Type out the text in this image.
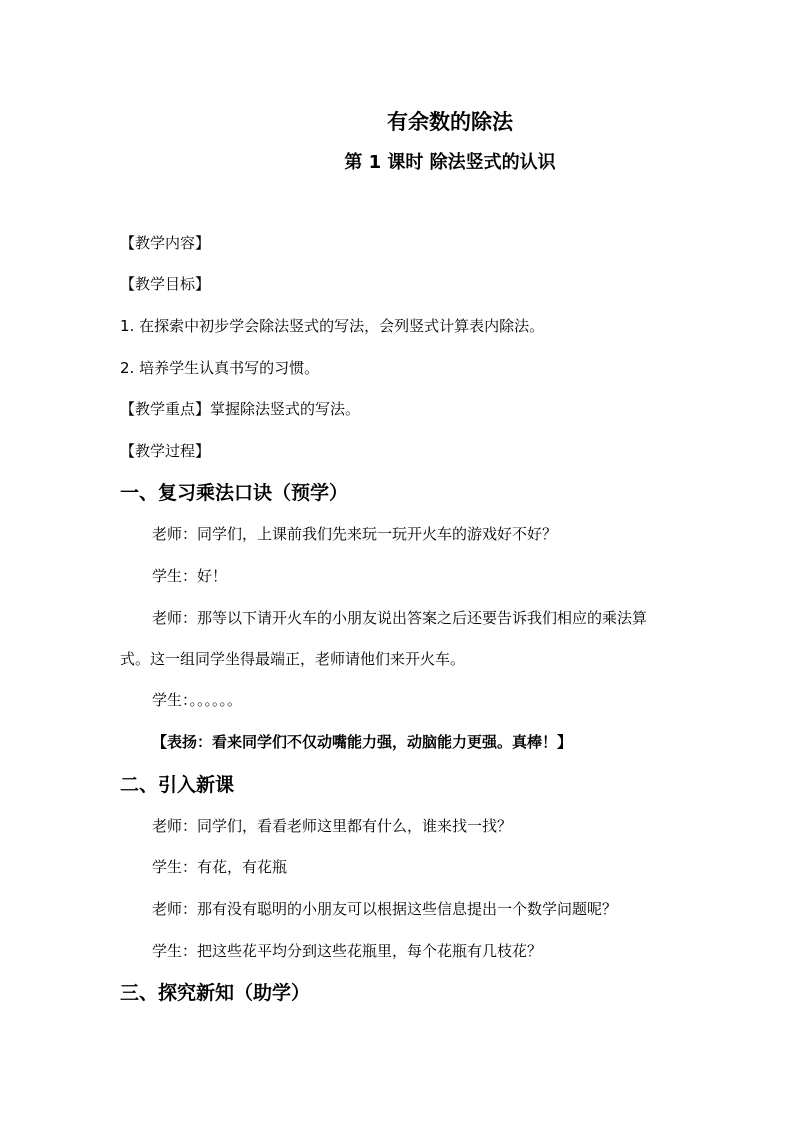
有余数的除法
第 1 课时 除法竖式的认识
【教学内容】
【教学目标】
1. 在探索中初步学会除法竖式的写法，会列竖式计算表内除法。
2. 培养学生认真书写的习惯。
【教学重点】掌握除法竖式的写法。
【教学过程】
一、复习乘法口诀（预学）
老师：同学们，上课前我们先来玩一玩开火车的游戏好不好？
学生：好！
老师：那等以下请开火车的小朋友说出答案之后还要告诉我们相应的乘法算
式。这一组同学坐得最端正，老师请他们来开火车。
学生：。。。。。。
【表扬：看来同学们不仅动嘴能力强，动脑能力更强。真棒！】
二、引入新课
老师：同学们，看看老师这里都有什么，谁来找一找？
学生：有花，有花瓶
老师：那有没有聪明的小朋友可以根据这些信息提出一个数学问题呢？
学生：把这些花平均分到这些花瓶里，每个花瓶有几枝花？
三、探究新知（助学）
